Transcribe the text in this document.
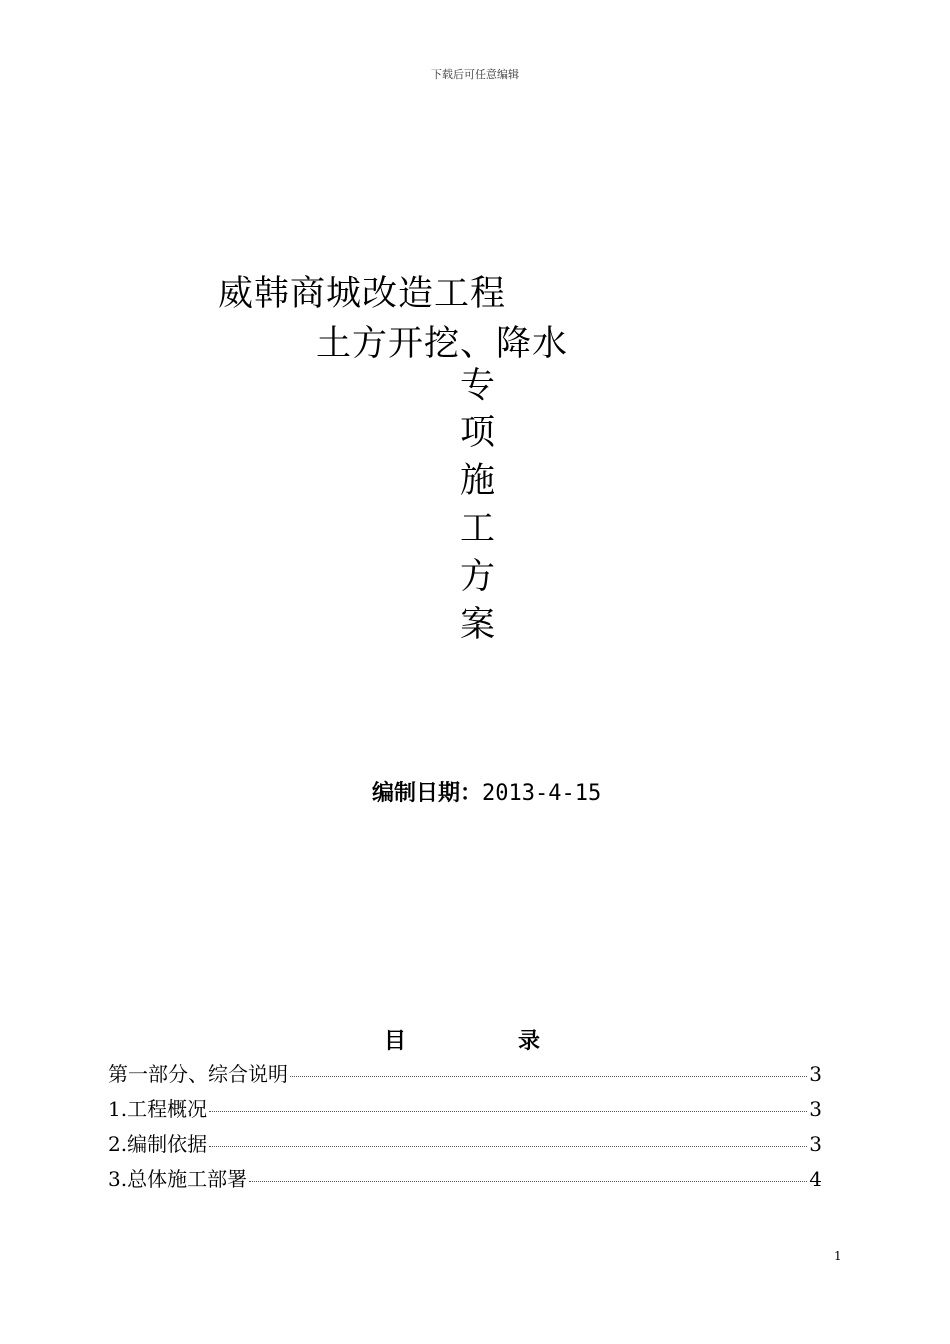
下载后可任意编辑
威韩商城改造工程
土方开挖、降水
专
项
施
工
方
案
编制日期：2013-4-15
目	录
第一部分、综合说明	3
1.工程概况	3
2.编制依据	3
3.总体施工部署	4
1
